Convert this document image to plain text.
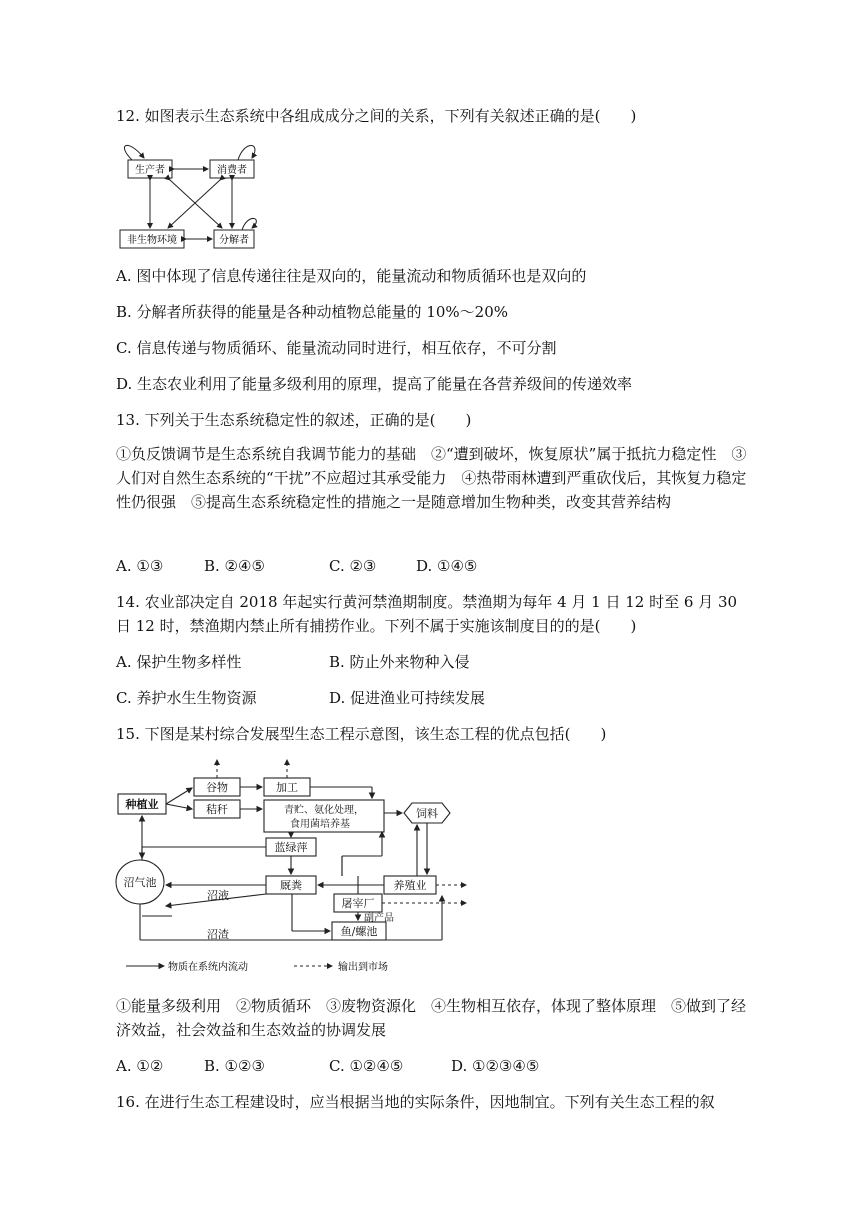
12. 如图表示生态系统中各组成成分之间的关系，下列有关叙述正确的是(　　)
生产者	消费者
非生物环境	分解者
A. 图中体现了信息传递往往是双向的，能量流动和物质循环也是双向的
B. 分解者所获得的能量是各种动植物总能量的 10%～20%
C. 信息传递与物质循环、能量流动同时进行，相互依存，不可分割
D. 生态农业利用了能量多级利用的原理，提高了能量在各营养级间的传递效率
13. 下列关于生态系统稳定性的叙述，正确的是(　　)
①负反馈调节是生态系统自我调节能力的基础　②“遭到破坏，恢复原状”属于抵抗力稳定性　③人们对自然生态系统的“干扰”不应超过其承受能力　④热带雨林遭到严重砍伐后，其恢复力稳定性仍很强　⑤提高生态系统稳定性的措施之一是随意增加生物种类，改变其营养结构
A. ①③	B. ②④⑤	C. ②③	D. ①④⑤
14. 农业部决定自 2018 年起实行黄河禁渔期制度。禁渔期为每年 4 月 1 日 12 时至 6 月 30
日 12 时，禁渔期内禁止所有捕捞作业。下列不属于实施该制度目的的是(　　)
A. 保护生物多样性	B. 防止外来物种入侵
C. 养护水生生物资源	D. 促进渔业可持续发展
15. 下图是某村综合发展型生态工程示意图，该生态工程的优点包括(　　)
种植业
谷物
秸秆
加工
青贮、氨化处理，
食用菌培养基
饲料
蓝绿萍
沼气池	厩粪	养殖业
屠宰厂
副产品
鱼/螺池
沼液
沼渣
物质在系统内流动	输出到市场
①能量多级利用　②物质循环　③废物资源化　④生物相互依存，体现了整体原理　⑤做到了经济效益，社会效益和生态效益的协调发展
A. ①②	B. ①②③	C. ①②④⑤	D. ①②③④⑤
16. 在进行生态工程建设时，应当根据当地的实际条件，因地制宜。下列有关生态工程的叙
